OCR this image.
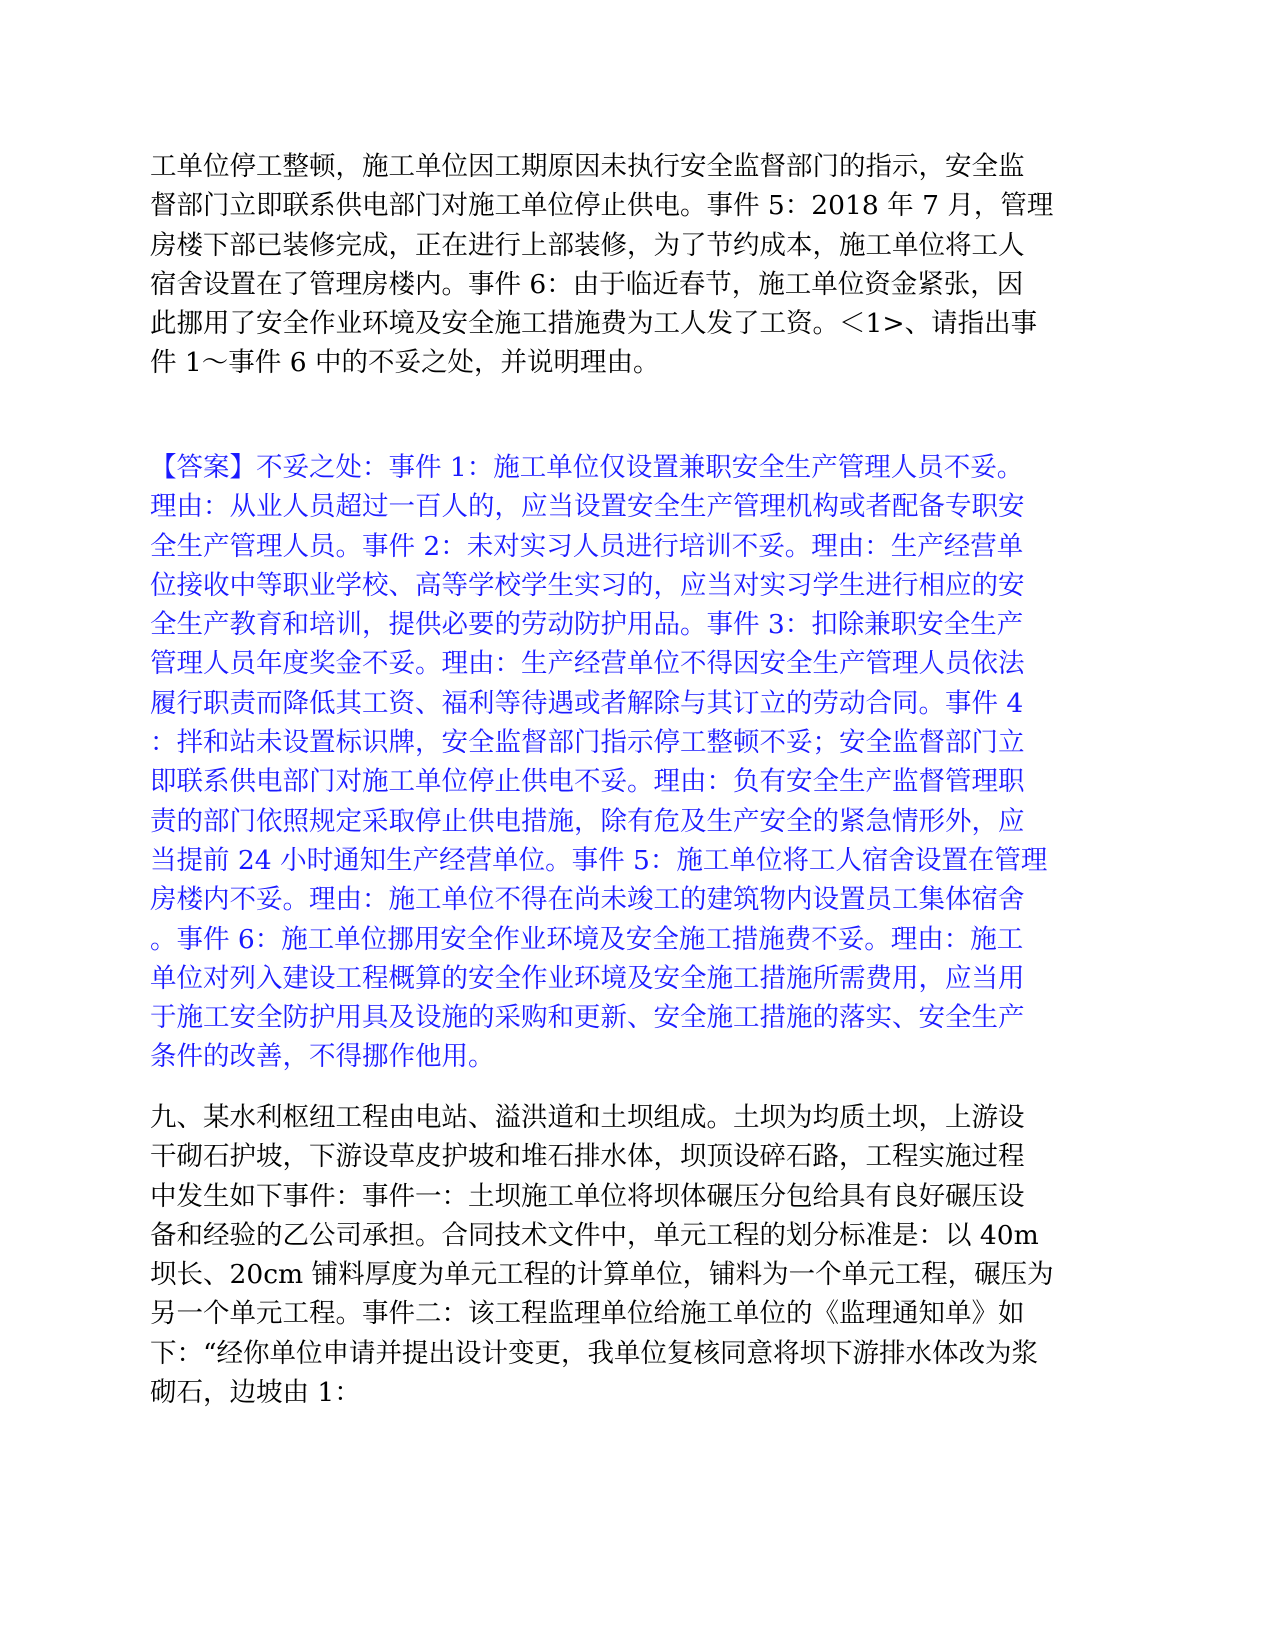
工单位停工整顿，施工单位因工期原因未执行安全监督部门的指示，安全监
督部门立即联系供电部门对施工单位停止供电。事件 5：2018 年 7 月，管理
房楼下部已装修完成，正在进行上部装修，为了节约成本，施工单位将工人
宿舍设置在了管理房楼内。事件 6：由于临近春节，施工单位资金紧张，因
此挪用了安全作业环境及安全施工措施费为工人发了工资。＜1>、请指出事
件 1～事件 6 中的不妥之处，并说明理由。
【答案】不妥之处：事件 1：施工单位仅设置兼职安全生产管理人员不妥。
理由：从业人员超过一百人的，应当设置安全生产管理机构或者配备专职安
全生产管理人员。事件 2：未对实习人员进行培训不妥。理由：生产经营单
位接收中等职业学校、高等学校学生实习的，应当对实习学生进行相应的安
全生产教育和培训，提供必要的劳动防护用品。事件 3：扣除兼职安全生产
管理人员年度奖金不妥。理由：生产经营单位不得因安全生产管理人员依法
履行职责而降低其工资、福利等待遇或者解除与其订立的劳动合同。事件 4
：拌和站未设置标识牌，安全监督部门指示停工整顿不妥；安全监督部门立
即联系供电部门对施工单位停止供电不妥。理由：负有安全生产监督管理职
责的部门依照规定采取停止供电措施，除有危及生产安全的紧急情形外，应
当提前 24 小时通知生产经营单位。事件 5：施工单位将工人宿舍设置在管理
房楼内不妥。理由：施工单位不得在尚未竣工的建筑物内设置员工集体宿舍
。事件 6：施工单位挪用安全作业环境及安全施工措施费不妥。理由：施工
单位对列入建设工程概算的安全作业环境及安全施工措施所需费用，应当用
于施工安全防护用具及设施的采购和更新、安全施工措施的落实、安全生产
条件的改善，不得挪作他用。
九、某水利枢纽工程由电站、溢洪道和土坝组成。土坝为均质土坝，上游设
干砌石护坡，下游设草皮护坡和堆石排水体，坝顶设碎石路，工程实施过程
中发生如下事件：事件一：土坝施工单位将坝体碾压分包给具有良好碾压设
备和经验的乙公司承担。合同技术文件中，单元工程的划分标准是：以 40m
坝长、20cm 铺料厚度为单元工程的计算单位，铺料为一个单元工程，碾压为
另一个单元工程。事件二：该工程监理单位给施工单位的《监理通知单》如
下：“经你单位申请并提出设计变更，我单位复核同意将坝下游排水体改为浆
砌石，边坡由 1：
